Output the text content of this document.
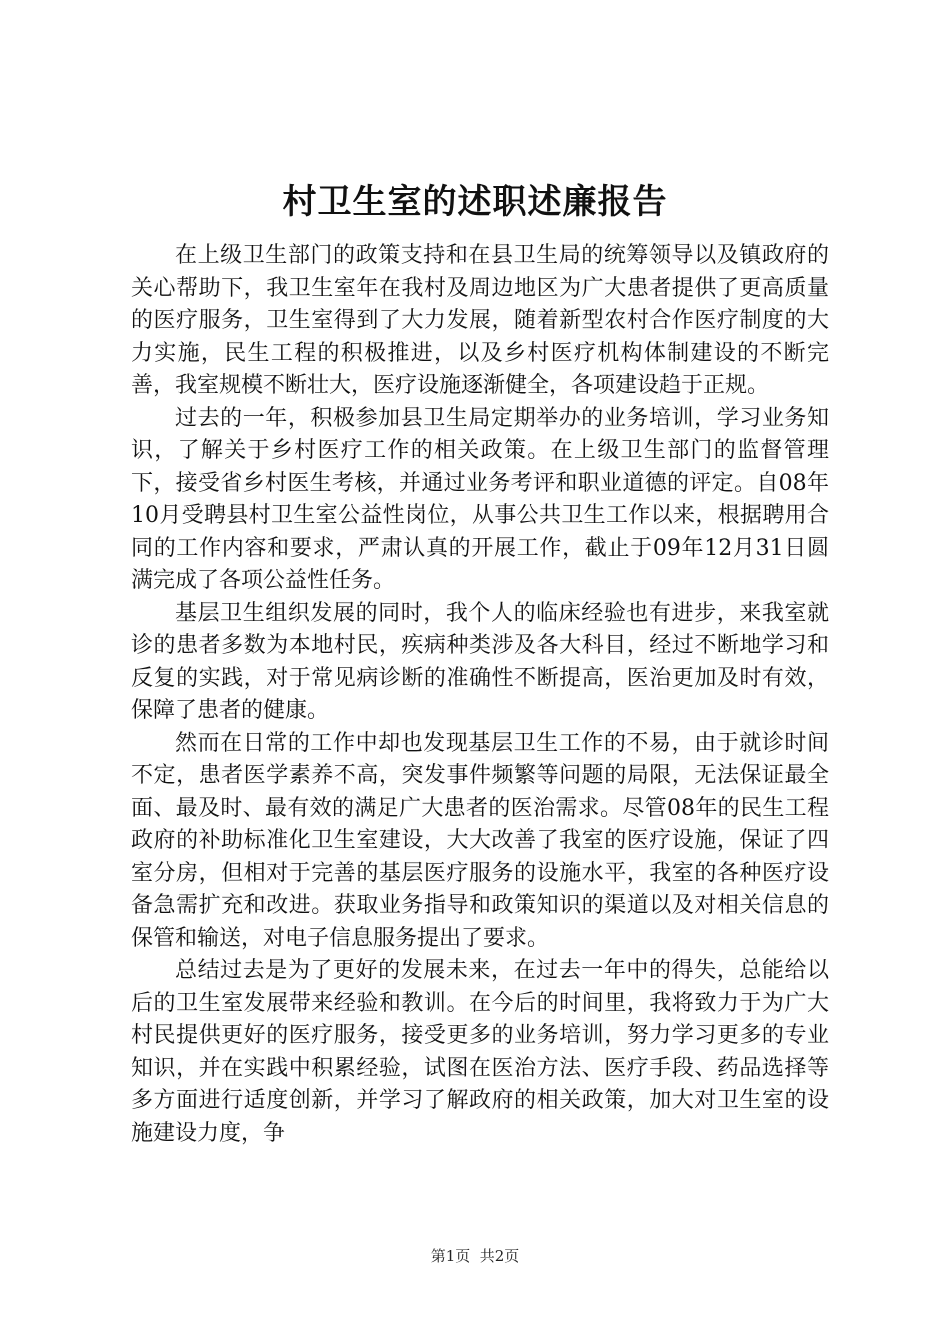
村卫生室的述职述廉报告

在上级卫生部门的政策支持和在县卫生局的统筹领导以及镇政府的关心帮助下，我卫生室年在我村及周边地区为广大患者提供了更高质量的医疗服务，卫生室得到了大力发展，随着新型农村合作医疗制度的大力实施，民生工程的积极推进，以及乡村医疗机构体制建设的不断完善，我室规模不断壮大，医疗设施逐渐健全，各项建设趋于正规。

过去的一年，积极参加县卫生局定期举办的业务培训，学习业务知识，了解关于乡村医疗工作的相关政策。在上级卫生部门的监督管理下，接受省乡村医生考核，并通过业务考评和职业道德的评定。自08年10月受聘县村卫生室公益性岗位，从事公共卫生工作以来，根据聘用合同的工作内容和要求，严肃认真的开展工作，截止于09年12月31日圆满完成了各项公益性任务。

基层卫生组织发展的同时，我个人的临床经验也有进步，来我室就诊的患者多数为本地村民，疾病种类涉及各大科目，经过不断地学习和反复的实践，对于常见病诊断的准确性不断提高，医治更加及时有效，保障了患者的健康。

然而在日常的工作中却也发现基层卫生工作的不易，由于就诊时间不定，患者医学素养不高，突发事件频繁等问题的局限，无法保证最全面、最及时、最有效的满足广大患者的医治需求。尽管08年的民生工程政府的补助标准化卫生室建设，大大改善了我室的医疗设施，保证了四室分房，但相对于完善的基层医疗服务的设施水平，我室的各种医疗设备急需扩充和改进。获取业务指导和政策知识的渠道以及对相关信息的保管和输送，对电子信息服务提出了要求。

总结过去是为了更好的发展未来，在过去一年中的得失，总能给以后的卫生室发展带来经验和教训。在今后的时间里，我将致力于为广大村民提供更好的医疗服务，接受更多的业务培训，努力学习更多的专业知识，并在实践中积累经验，试图在医治方法、医疗手段、药品选择等多方面进行适度创新，并学习了解政府的相关政策，加大对卫生室的设施建设力度，争

第1页  共2页
